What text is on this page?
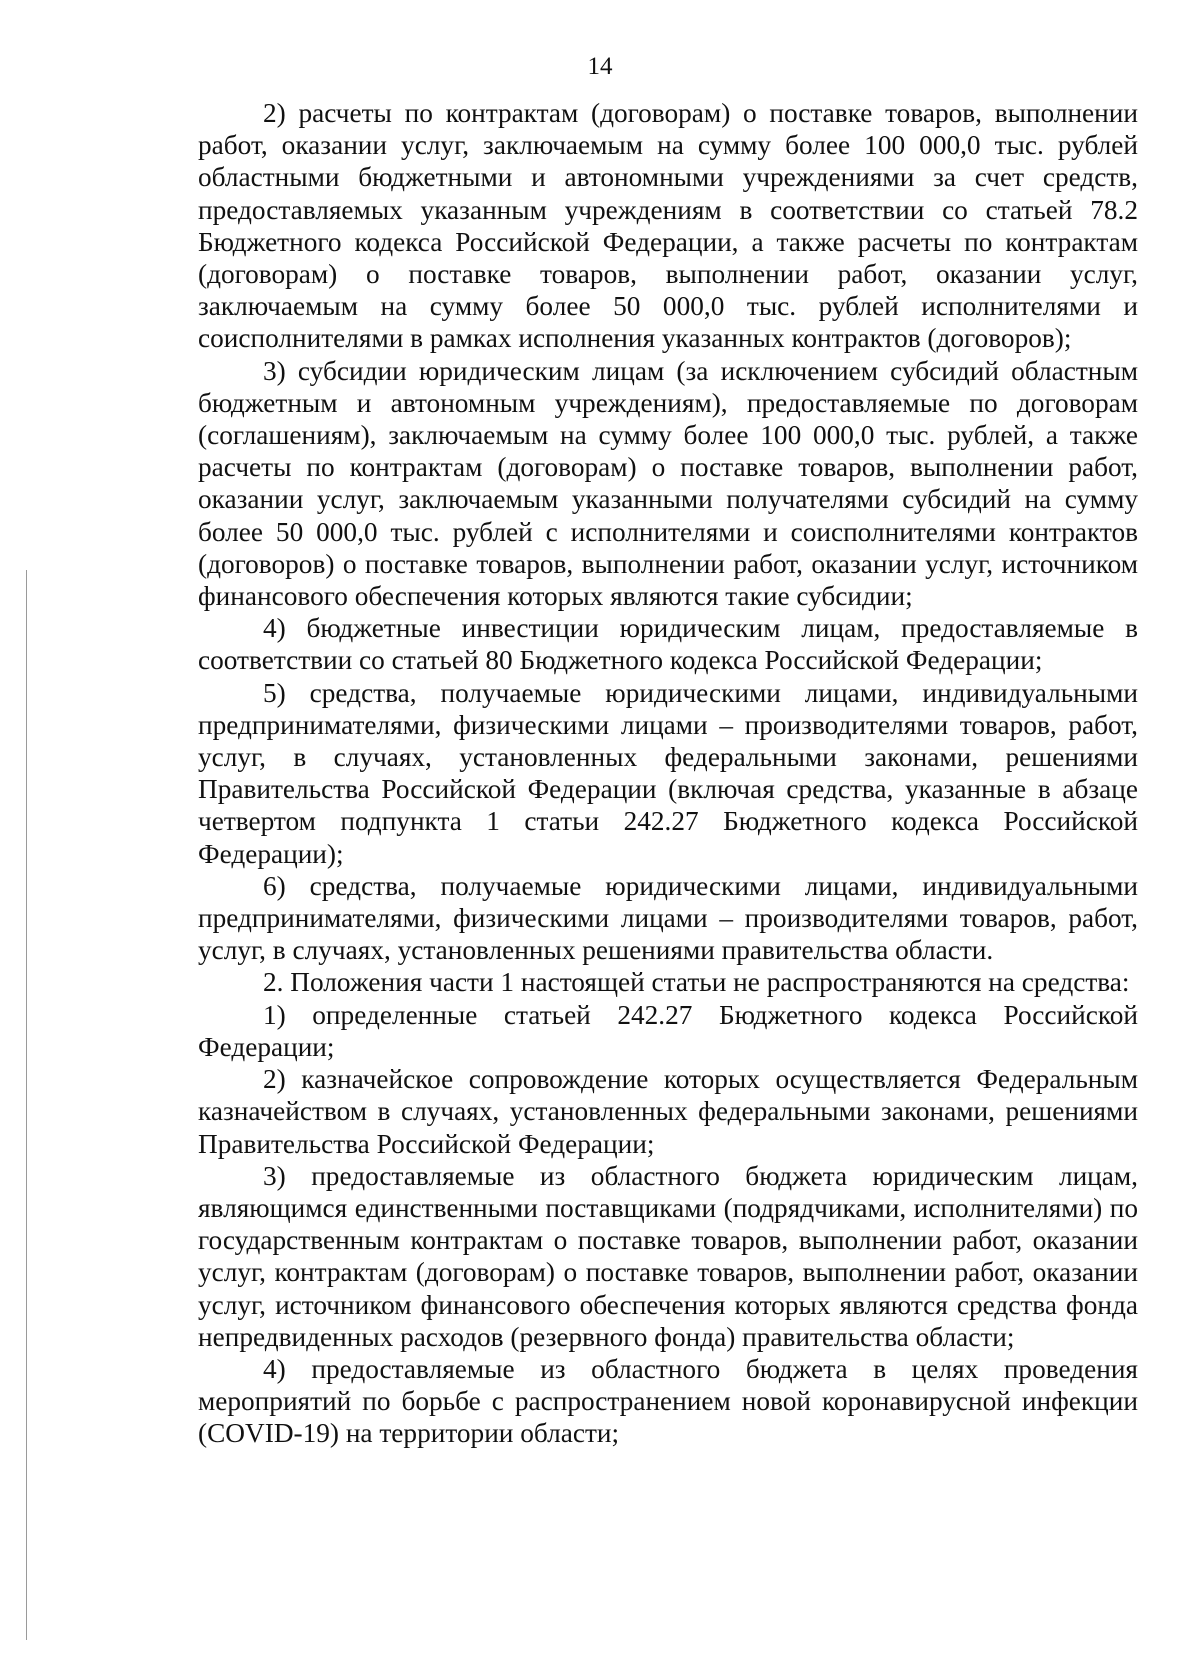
14

2) расчеты по контрактам (договорам) о поставке товаров, выполнении работ, оказании услуг, заключаемым на сумму более 100 000,0 тыс. рублей областными бюджетными и автономными учреждениями за счет средств, предоставляемых указанным учреждениям в соответствии со статьей 78.2 Бюджетного кодекса Российской Федерации, а также расчеты по контрактам (договорам) о поставке товаров, выполнении работ, оказании услуг, заключаемым на сумму более 50 000,0 тыс. рублей исполнителями и соисполнителями в рамках исполнения указанных контрактов (договоров);

3) субсидии юридическим лицам (за исключением субсидий областным бюджетным и автономным учреждениям), предоставляемые по договорам (соглашениям), заключаемым на сумму более 100 000,0 тыс. рублей, а также расчеты по контрактам (договорам) о поставке товаров, выполнении работ, оказании услуг, заключаемым указанными получателями субсидий на сумму более 50 000,0 тыс. рублей с исполнителями и соисполнителями контрактов (договоров) о поставке товаров, выполнении работ, оказании услуг, источником финансового обеспечения которых являются такие субсидии;

4) бюджетные инвестиции юридическим лицам, предоставляемые в соответствии со статьей 80 Бюджетного кодекса Российской Федерации;

5) средства, получаемые юридическими лицами, индивидуальными предпринимателями, физическими лицами – производителями товаров, работ, услуг, в случаях, установленных федеральными законами, решениями Правительства Российской Федерации (включая средства, указанные в абзаце четвертом подпункта 1 статьи 242.27 Бюджетного кодекса Российской Федерации);

6) средства, получаемые юридическими лицами, индивидуальными предпринимателями, физическими лицами – производителями товаров, работ, услуг, в случаях, установленных решениями правительства области.

2. Положения части 1 настоящей статьи не распространяются на средства:

1) определенные статьей 242.27 Бюджетного кодекса Российской Федерации;

2) казначейское сопровождение которых осуществляется Федеральным казначейством в случаях, установленных федеральными законами, решениями Правительства Российской Федерации;

3) предоставляемые из областного бюджета юридическим лицам, являющимся единственными поставщиками (подрядчиками, исполнителями) по государственным контрактам о поставке товаров, выполнении работ, оказании услуг, контрактам (договорам) о поставке товаров, выполнении работ, оказании услуг, источником финансового обеспечения которых являются средства фонда непредвиденных расходов (резервного фонда) правительства области;

4) предоставляемые из областного бюджета в целях проведения мероприятий по борьбе с распространением новой коронавирусной инфекции (COVID-19) на территории области;
